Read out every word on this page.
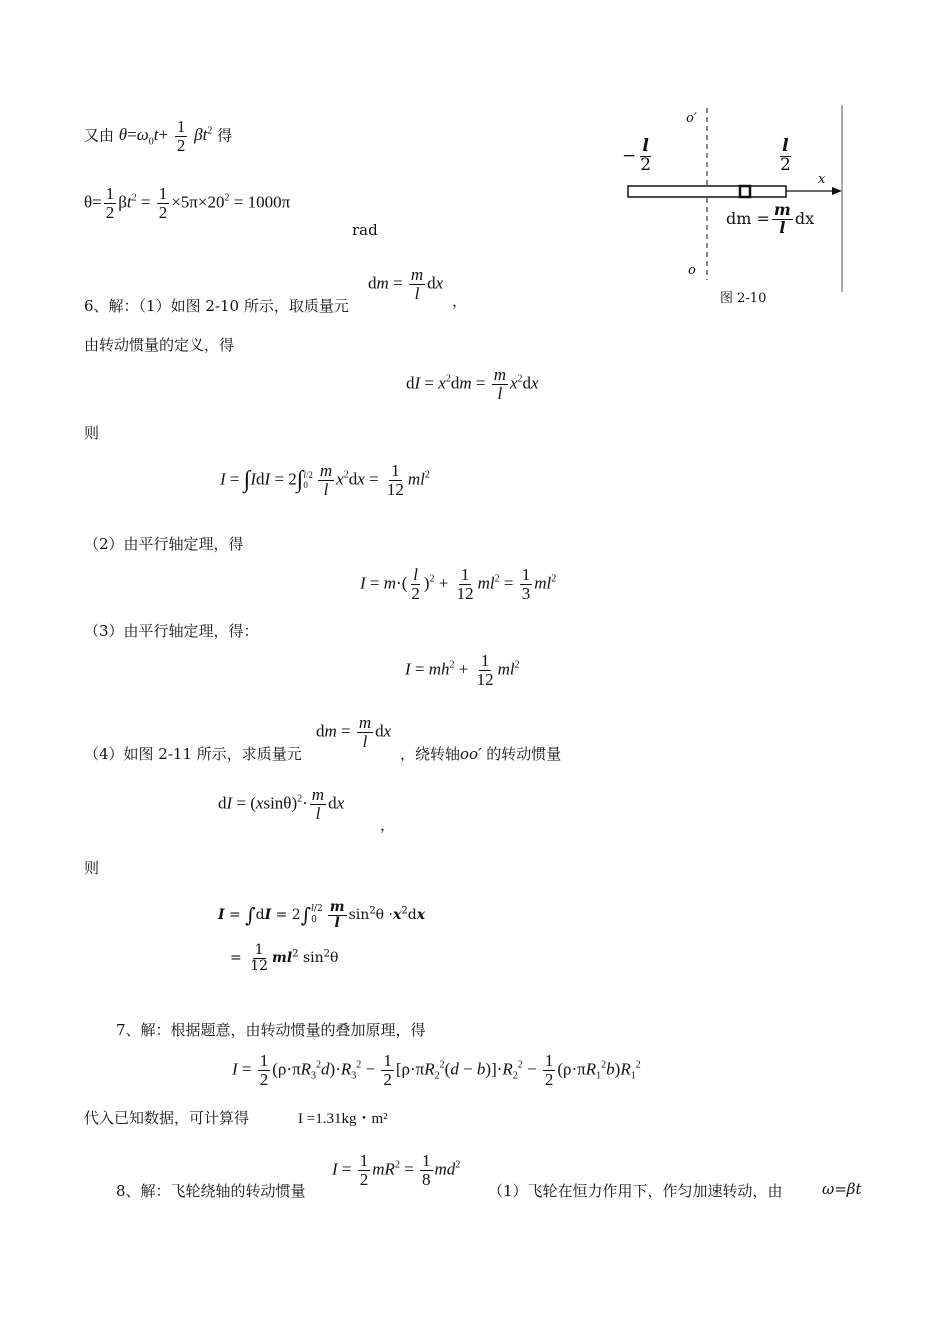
又由 $\theta=\omega_0t+ \frac{1}{2} \beta t^2$ 得
$\theta= \frac{1}{2} \beta t^2 = \frac{1}{2} \times 5\pi\times 20^2 = 1000\pi$
rad
6、解：（1）如图 2-10 所示，取质量元
dm = $\frac{m}{l}$ dx
，
由转动惯量的定义，得
dI = $x^2dm = \frac{m}{l} x^2dx$
则
I = ∫IdI = 2∫ l/2
$0 \frac{m}{l} x^2dx = \frac{1}{12} ml^2$
（2）由平行轴定理，得
$I = m\cdot( \frac{l}{2} )^2 + \frac{1}{12} ml^2 = \frac{1}{3} ml^2$
（3）由平行轴定理，得：
$I = mh^2 + \frac{1}{12} ml^2$
（4）如图 2-11 所示，求质量元
dm = $\frac{m}{l}$ dx
，绕转轴oo′ 的转动惯量
dI = $(xsin\theta)^2\cdot \frac{m}{l}$ dx
，
则
I = ∫dI = 2∫ l/2
$0 \frac{m}{l} \sin^2\theta \cdot x^2dx$
= $\frac{1}{12} ml^2$ $\sin^2\theta$
7、解：根据题意，由转动惯量的叠加原理，得
$I = \frac{1}{2} (\rho\cdot\pi R_3^2d)\cdot R_3^2 - \frac{1}{2} [\rho\cdot\pi R_2^2(d - b)]\cdot R_2^2 - \frac{1}{2} (\rho\cdot\pi R_1^2b)R_1^2$
代入已知数据，可计算得	I =1.31kg・m²
$I = \frac{1}{2} mR^2 = \frac{1}{8} md^2$
8、解：飞轮绕轴的转动惯量	（1）飞轮在恒力作用下，作匀加速转动，由	ω=βt
o′
o
x
− $\frac{l}{2}$	$\frac{l}{2}$
dm = $\frac{m}{l}$ dx
图 2-10
